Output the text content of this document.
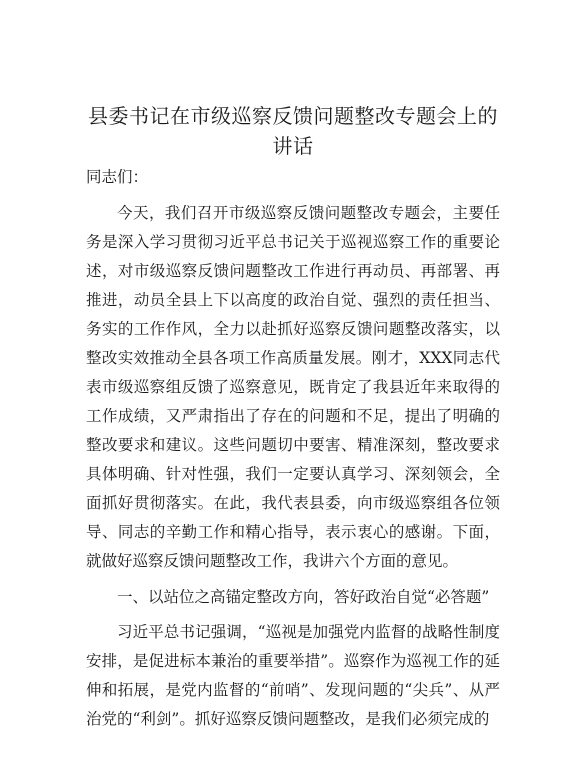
县委书记在市级巡察反馈问题整改专题会上的讲话

同志们：

今天，我们召开市级巡察反馈问题整改专题会，主要任务是深入学习贯彻习近平总书记关于巡视巡察工作的重要论述，对市级巡察反馈问题整改工作进行再动员、再部署、再推进，动员全县上下以高度的政治自觉、强烈的责任担当、务实的工作作风，全力以赴抓好巡察反馈问题整改落实，以整改实效推动全县各项工作高质量发展。刚才，XXX同志代表市级巡察组反馈了巡察意见，既肯定了我县近年来取得的工作成绩，又严肃指出了存在的问题和不足，提出了明确的整改要求和建议。这些问题切中要害、精准深刻，整改要求具体明确、针对性强，我们一定要认真学习、深刻领会，全面抓好贯彻落实。在此，我代表县委，向市级巡察组各位领导、同志的辛勤工作和精心指导，表示衷心的感谢。下面，就做好巡察反馈问题整改工作，我讲六个方面的意见。

一、以站位之高锚定整改方向，答好政治自觉“必答题”

习近平总书记强调，“巡视是加强党内监督的战略性制度安排，是促进标本兼治的重要举措”。巡察作为巡视工作的延伸和拓展，是党内监督的“前哨”、发现问题的“尖兵”、从严治党的“利剑”。抓好巡察反馈问题整改，是我们必须完成的
